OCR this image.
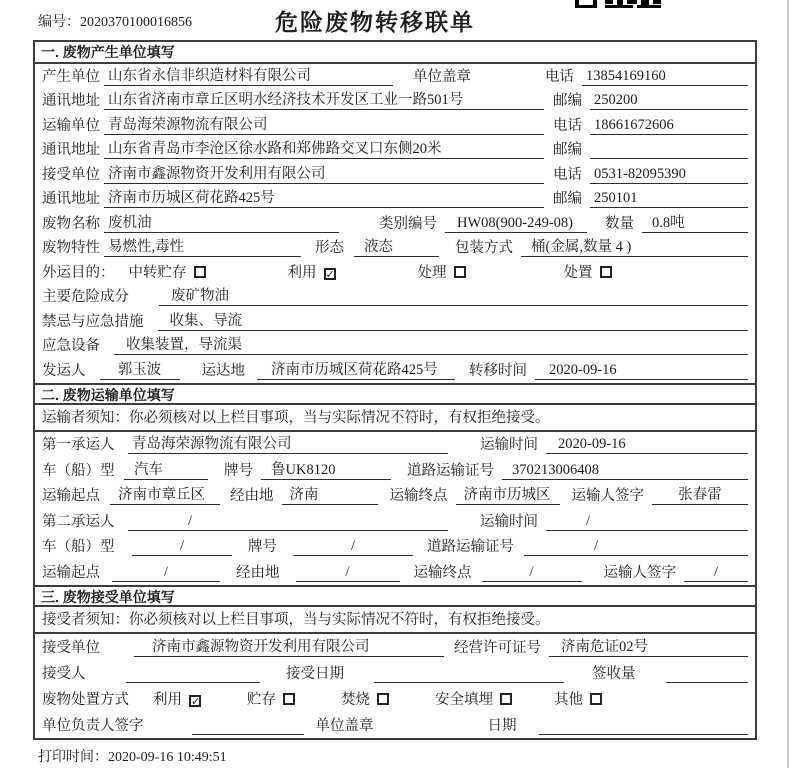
编号：2020370100016856	危险废物转移联单
一. 废物产生单位填写
产生单位 山东省永信非织造材料有限公司	单位盖章	电话 13854169160
通讯地址 山东省济南市章丘区明水经济技术开发区工业一路501号	邮编 250200
运输单位 青岛海荣源物流有限公司	电话 18661672606
通讯地址 山东省青岛市李沧区徐水路和郑佛路交叉口东侧20米	邮编
接受单位 济南市鑫源物资开发利用有限公司	电话 0531-82095390
通讯地址 济南市历城区荷花路425号	邮编 250101
废物名称 废机油	类别编号	HW08(900-249-08)	数量	0.8吨
废物特性 易燃性,毒性	形态	液态	包装方式	桶(金属,数量 4 )
外运目的： 中转贮存	利用 ✓	处理	处置
主要危险成分	废矿物油
禁忌与应急措施	收集、导流
应急设备	收集装置，导流渠
发运人	郭玉波	运达地	济南市历城区荷花路425号	转移时间	2020-09-16
二. 废物运输单位填写
运输者须知：你必须核对以上栏目事项，当与实际情况不符时，有权拒绝接受。
第一承运人	青岛海荣源物流有限公司	运输时间	2020-09-16
车（船）型	汽车	牌号	鲁UK8120	道路运输证号	370213006408
运输起点	济南市章丘区	经由地	济南	运输终点	济南市历城区	运输人签字	张春雷
第二承运人	/	运输时间	/
车（船）型	/	牌号	/	道路运输证号	/
运输起点	/	经由地	/	运输终点	/	运输人签字	/
三. 废物接受单位填写
接受者须知：你必须核对以上栏目事项，当与实际情况不符时，有权拒绝接受。
接受单位	济南市鑫源物资开发利用有限公司	经营许可证号	济南危证02号
接受人	接受日期	签收量
废物处置方式 利用 ✓	贮存	焚烧	安全填埋	其他
单位负责人签字	单位盖章	日期
打印时间：2020-09-16 10:49:51
